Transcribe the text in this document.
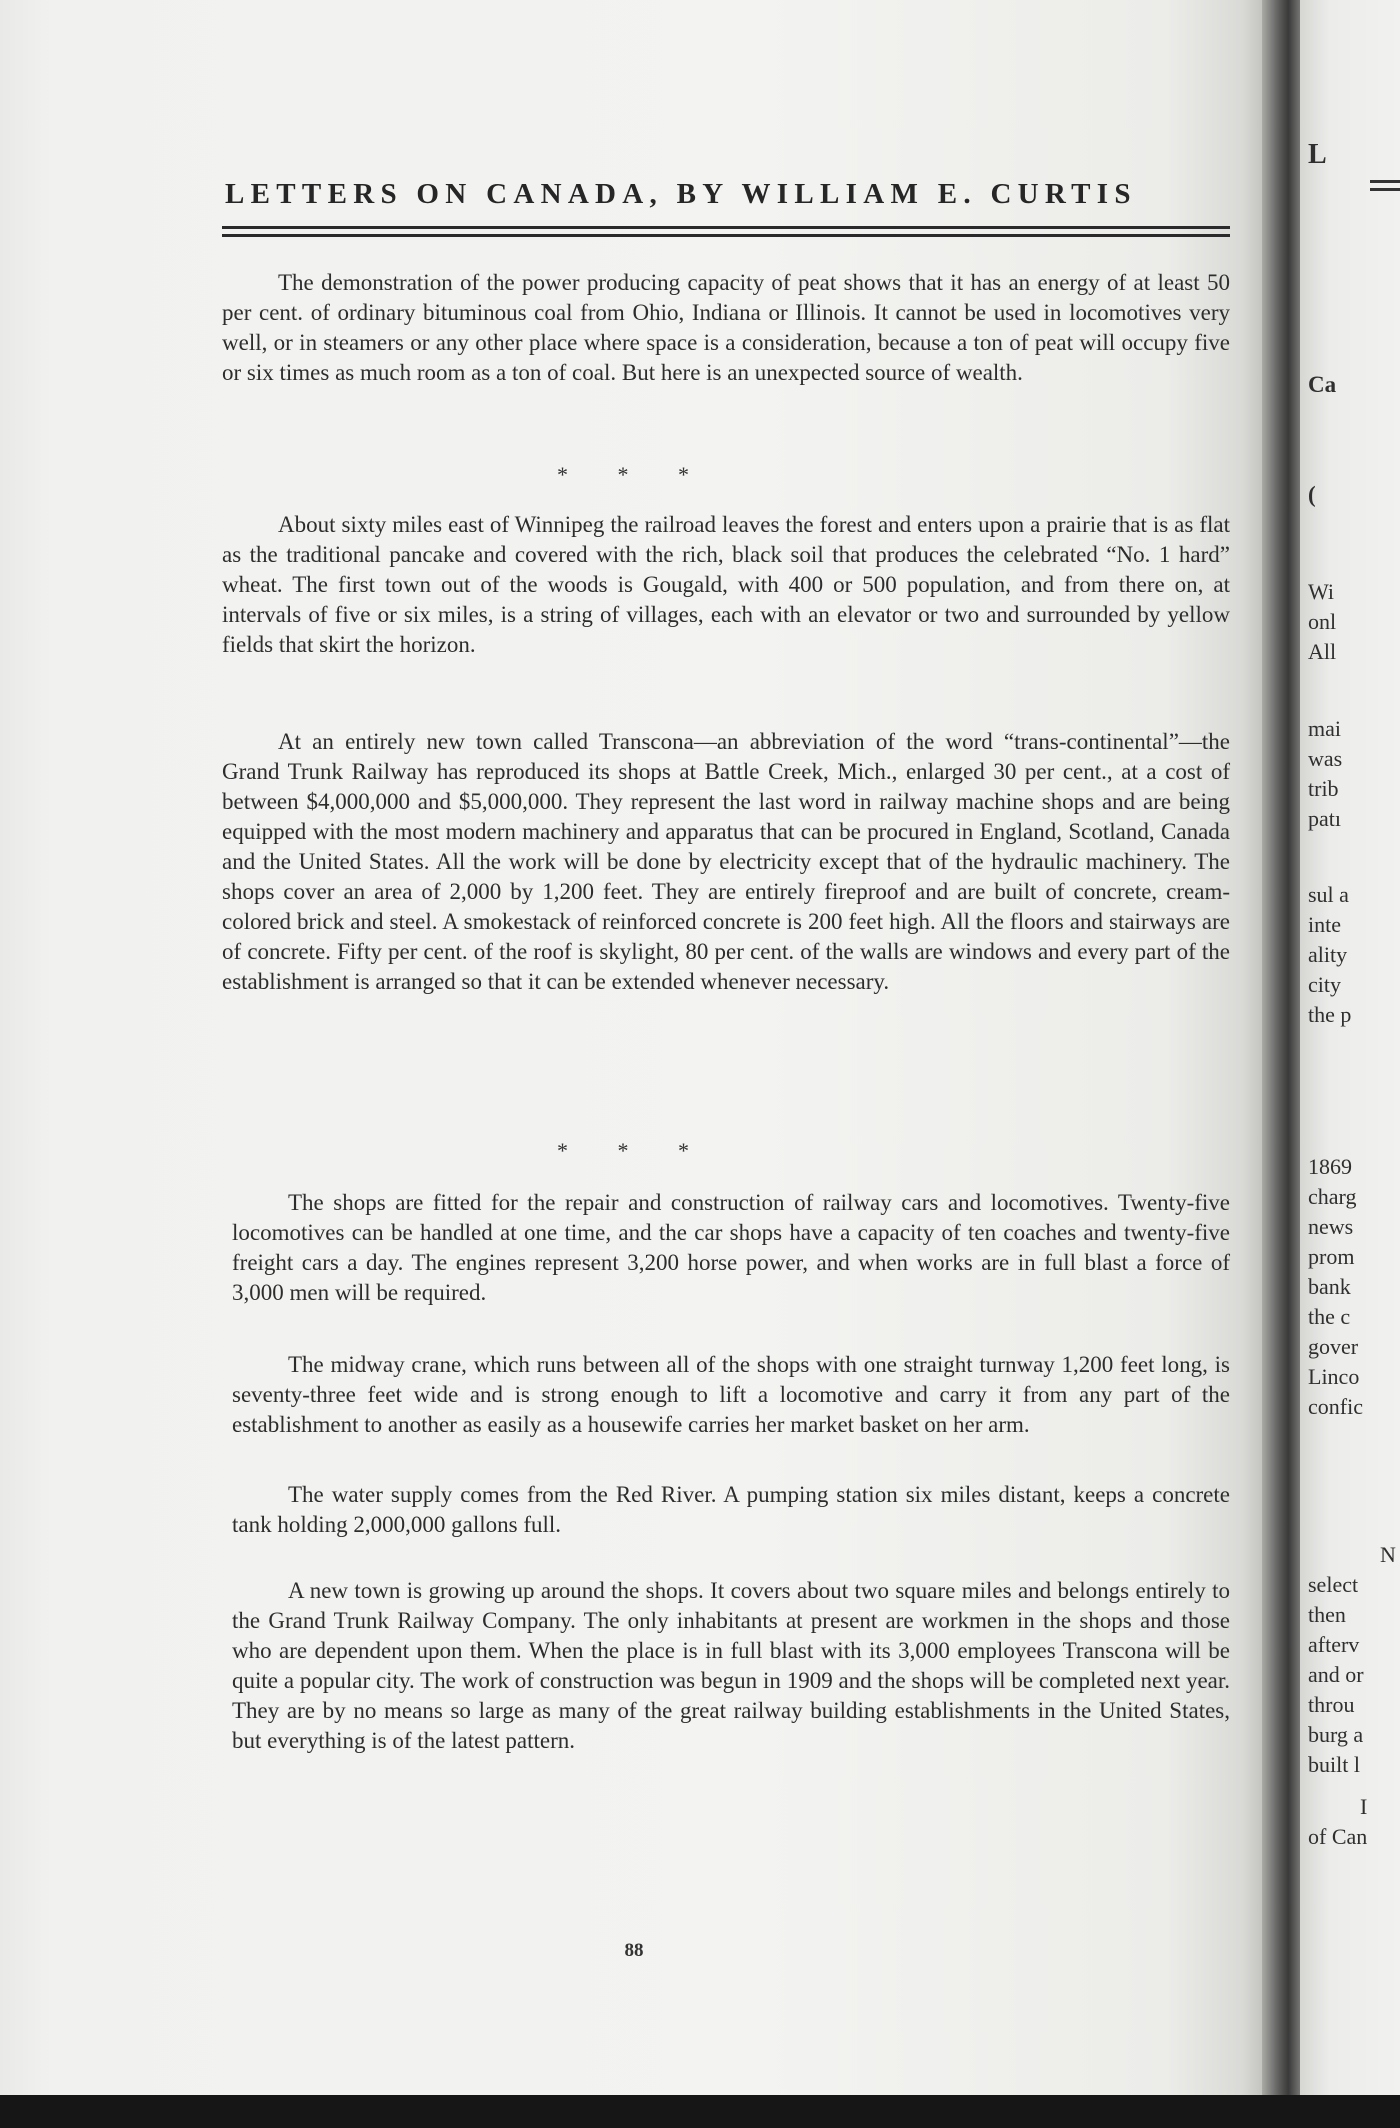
LETTERS ON CANADA, BY WILLIAM E. CURTIS

The demonstration of the power producing capacity of peat shows that it has an energy of at least 50 per cent. of ordinary bituminous coal from Ohio, Indiana or Illinois. It cannot be used in locomotives very well, or in steamers or any other place where space is a consideration, because a ton of peat will occupy five or six times as much room as a ton of coal. But here is an unexpected source of wealth.

* * *

About sixty miles east of Winnipeg the railroad leaves the forest and enters upon a prairie that is as flat as the traditional pancake and covered with the rich, black soil that produces the celebrated “No. 1 hard” wheat. The first town out of the woods is Gougald, with 400 or 500 population, and from there on, at intervals of five or six miles, is a string of villages, each with an elevator or two and surrounded by yellow fields that skirt the horizon.

At an entirely new town called Transcona—an abbreviation of the word “trans-continental”—the Grand Trunk Railway has reproduced its shops at Battle Creek, Mich., enlarged 30 per cent., at a cost of between $4,000,000 and $5,000,000. They represent the last word in railway machine shops and are being equipped with the most modern machinery and apparatus that can be procured in England, Scotland, Canada and the United States. All the work will be done by electricity except that of the hydraulic machinery. The shops cover an area of 2,000 by 1,200 feet. They are entirely fireproof and are built of concrete, cream-colored brick and steel. A smokestack of reinforced concrete is 200 feet high. All the floors and stairways are of concrete. Fifty per cent. of the roof is skylight, 80 per cent. of the walls are windows and every part of the establishment is arranged so that it can be extended whenever necessary.

* * *

The shops are fitted for the repair and construction of railway cars and locomotives. Twenty-five locomotives can be handled at one time, and the car shops have a capacity of ten coaches and twenty-five freight cars a day. The engines represent 3,200 horse power, and when works are in full blast a force of 3,000 men will be required.

The midway crane, which runs between all of the shops with one straight turnway 1,200 feet long, is seventy-three feet wide and is strong enough to lift a locomotive and carry it from any part of the establishment to another as easily as a housewife carries her market basket on her arm.

The water supply comes from the Red River. A pumping station six miles distant, keeps a concrete tank holding 2,000,000 gallons full.

A new town is growing up around the shops. It covers about two square miles and belongs entirely to the Grand Trunk Railway Company. The only inhabitants at present are workmen in the shops and those who are dependent upon them. When the place is in full blast with its 3,000 employees Transcona will be quite a popular city. The work of construction was begun in 1909 and the shops will be completed next year. They are by no means so large as many of the great railway building establishments in the United States, but everything is of the latest pattern.

88
L
Ca
(
Wi
onl
All
mai
was
trib
patı
sul a
inte
ality
city
the p
1869
charg
news
prom
bank
the c
gover
Linco
confic
N
select
then
afterv
and or
throu
burg a
built l
I
of Can
